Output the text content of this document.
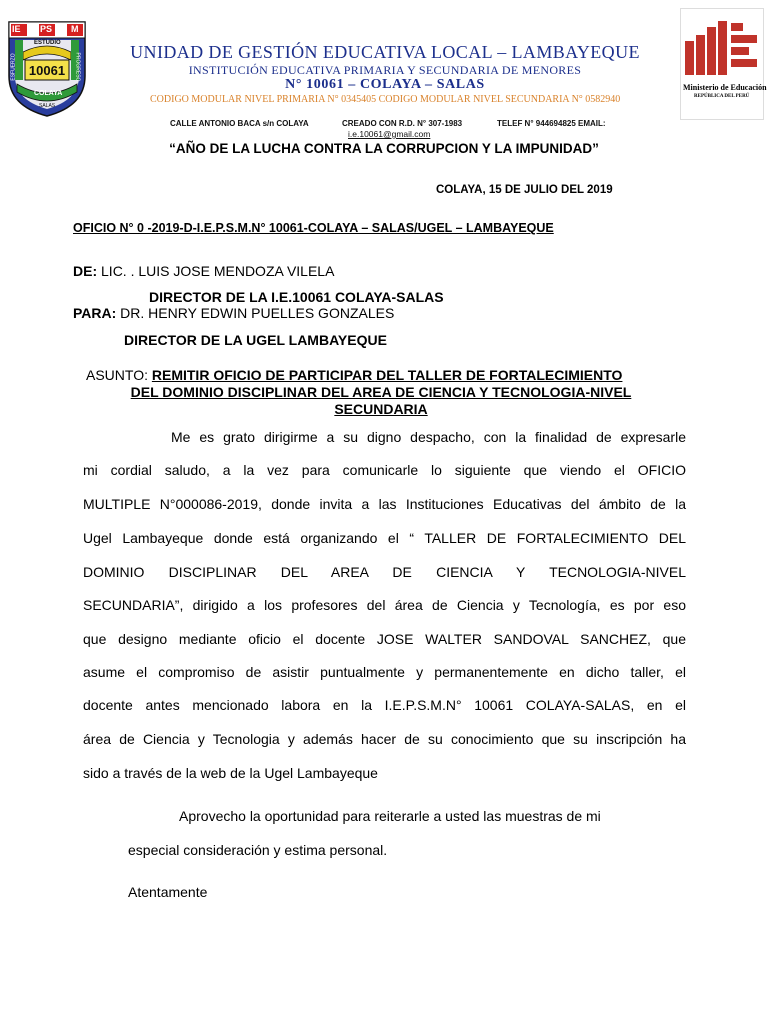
IE PS M
ESTUDIO
10061
ESFUERZO	PROGRESO
COLAYA
SALAS
UNIDAD DE GESTIÓN EDUCATIVA LOCAL – LAMBAYEQUE
INSTITUCIÓN EDUCATIVA PRIMARIA Y SECUNDARIA DE MENORES
N° 10061 – COLAYA – SALAS
CODIGO MODULAR NIVEL PRIMARIA N° 0345405 CODIGO MODULAR NIVEL SECUNDARIA N° 0582940
CALLE ANTONIO BACA s/n COLAYA	CREADO CON R.D. N° 307-1983	TELEF N° 944694825 EMAIL:
i.e.10061@gmail.com
Ministerio de Educación
REPÚBLICA DEL PERÚ
“AÑO DE LA LUCHA CONTRA LA CORRUPCION Y LA IMPUNIDAD”
COLAYA, 15 DE JULIO DEL 2019
OFICIO N° 0 -2019-D-I.E.P.S.M.N° 10061-COLAYA – SALAS/UGEL – LAMBAYEQUE
DE: LIC. . LUIS JOSE MENDOZA VILELA
DIRECTOR DE LA I.E.10061 COLAYA-SALAS
PARA: DR. HENRY EDWIN PUELLES GONZALES
DIRECTOR DE LA UGEL LAMBAYEQUE
ASUNTO: REMITIR OFICIO DE PARTICIPAR DEL TALLER DE FORTALECIMIENTO
DEL DOMINIO DISCIPLINAR DEL AREA DE CIENCIA Y TECNOLOGIA-NIVEL
SECUNDARIA
Me es grato dirigirme a su digno despacho, con la finalidad de expresarle
mi cordial saludo, a la vez para comunicarle lo siguiente que viendo el OFICIO
MULTIPLE N°000086-2019, donde invita a las Instituciones Educativas del ámbito de la
Ugel Lambayeque donde está organizando el “ TALLER DE FORTALECIMIENTO DEL
DOMINIO DISCIPLINAR DEL AREA DE CIENCIA Y TECNOLOGIA-NIVEL
SECUNDARIA”, dirigido a los profesores del área de Ciencia y Tecnología, es por eso
que designo mediante oficio el docente JOSE WALTER SANDOVAL SANCHEZ, que
asume el compromiso de asistir puntualmente y permanentemente en dicho taller, el
docente antes mencionado labora en la I.E.P.S.M.N° 10061 COLAYA-SALAS, en el
área de Ciencia y Tecnologia y además hacer de su conocimiento que su inscripción ha
sido a través de la web de la Ugel Lambayeque
Aprovecho la oportunidad para reiterarle a usted las muestras de mi
especial consideración y estima personal.
Atentamente
